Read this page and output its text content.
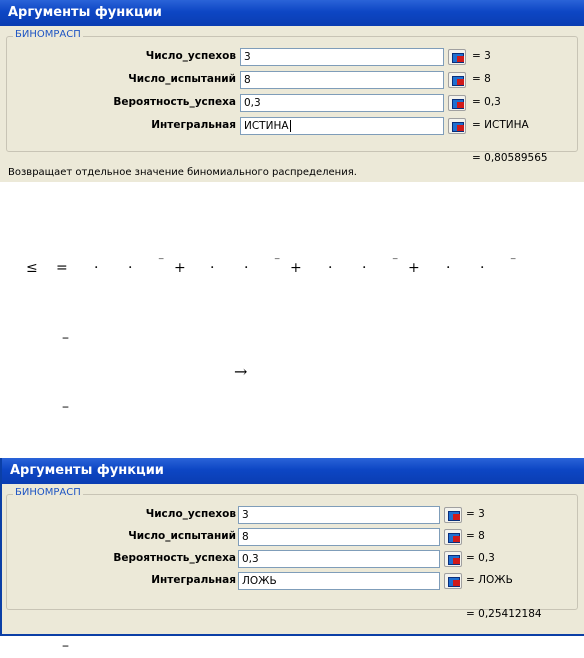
Аргументы функции
БИНОМРАСП
Число_успехов 3	= 3
Число_испытаний 8	= 8
Вероятность_успеха 0,3	= 0,3
Интегральная ИСТИНА	= ИСТИНА
= 0,80589565
Возвращает отдельное значение биномиального распределения.
≤ = · · ⁻ + · · ⁻ + · · ⁻ + · · ⁻
–
→
–
–
Аргументы функции
БИНОМРАСП
Число_успехов 3	= 3
Число_испытаний 8	= 8
Вероятность_успеха 0,3	= 0,3
Интегральная ЛОЖЬ	= ЛОЖЬ
= 0,25412184
